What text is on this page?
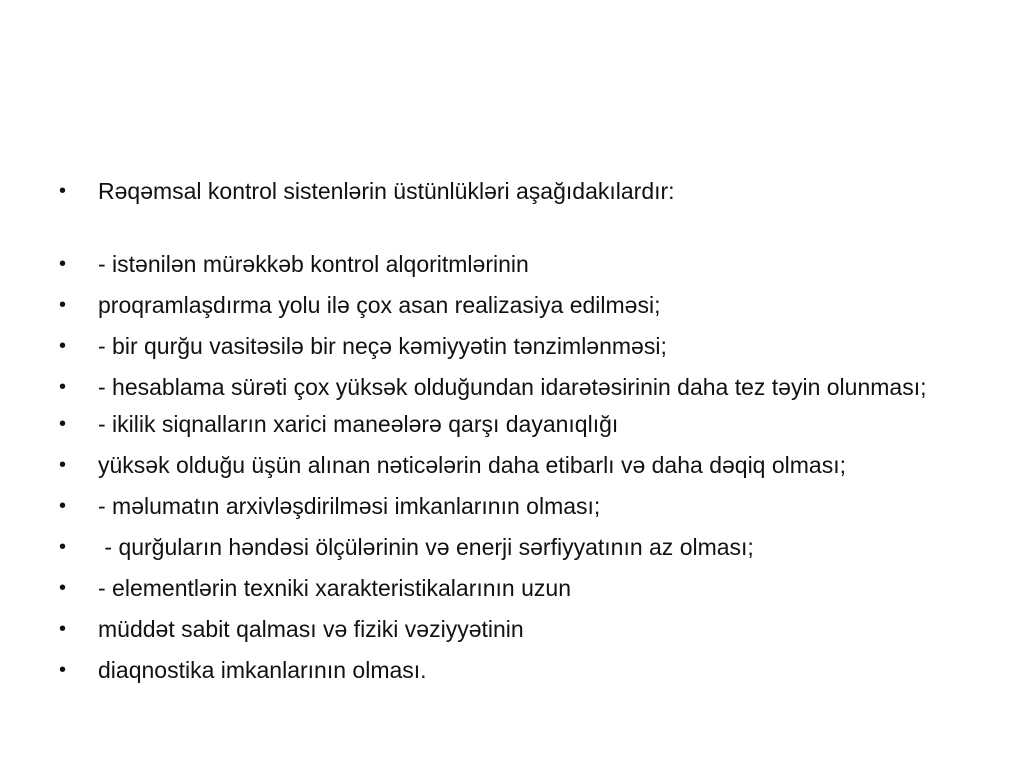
• Rəqəmsal kontrol sistenlərin üstünlükləri aşağıdakılardır:
• - istənilən mürəkkəb kontrol alqoritmlərinin
• proqramlaşdırma yolu ilə çox asan realizasiya edilməsi;
• - bir qurğu vasitəsilə bir neçə kəmiyyətin tənzimlənməsi;
• - hesablama sürəti çox yüksək olduğundan idarətəsirinin daha tez təyin olunması;
• - ikilik siqnalların xarici maneələrə qarşı dayanıqlığı
• yüksək olduğu üşün alınan nəticələrin daha etibarlı və daha dəqiq olması;
• - məlumatın arxivləşdirilməsi imkanlarının olması;
• - qurğuların həndəsi ölçülərinin və enerji sərfiyyatının az olması;
• - elementlərin texniki xarakteristikalarının uzun
• müddət sabit qalması və fiziki vəziyyətinin
• diaqnostika imkanlarının olması.
